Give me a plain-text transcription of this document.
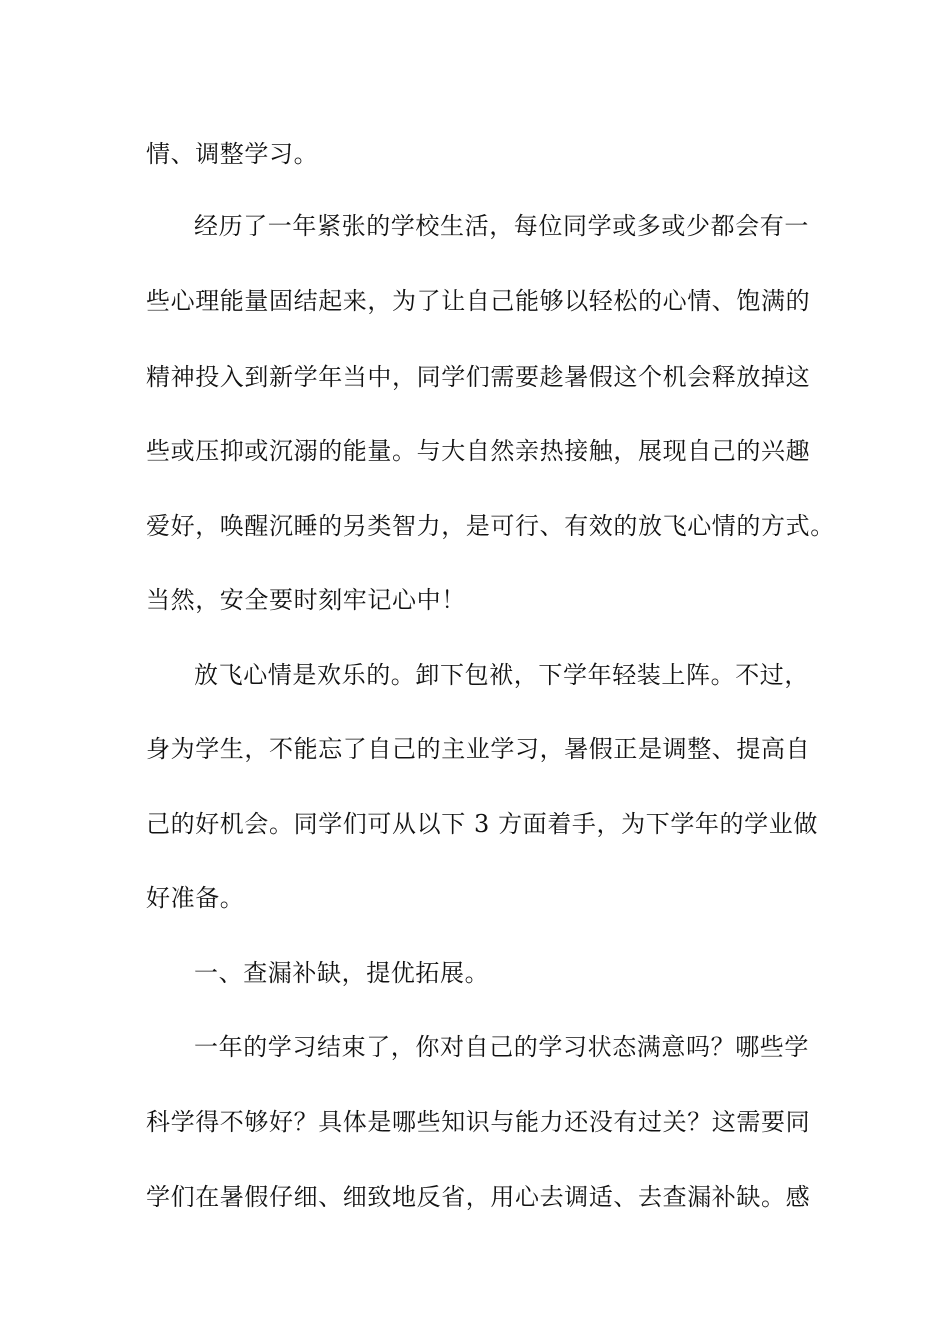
情、调整学习。
经历了一年紧张的学校生活，每位同学或多或少都会有一
些心理能量固结起来，为了让自己能够以轻松的心情、饱满的
精神投入到新学年当中，同学们需要趁暑假这个机会释放掉这
些或压抑或沉溺的能量。与大自然亲热接触，展现自己的兴趣
爱好，唤醒沉睡的另类智力，是可行、有效的放飞心情的方式。
当然，安全要时刻牢记心中！
放飞心情是欢乐的。卸下包袱，下学年轻装上阵。不过，
身为学生，不能忘了自己的主业学习，暑假正是调整、提高自
己的好机会。同学们可从以下 3 方面着手，为下学年的学业做
好准备。
一、查漏补缺，提优拓展。
一年的学习结束了，你对自己的学习状态满意吗？哪些学
科学得不够好？具体是哪些知识与能力还没有过关？这需要同
学们在暑假仔细、细致地反省，用心去调适、去查漏补缺。感
